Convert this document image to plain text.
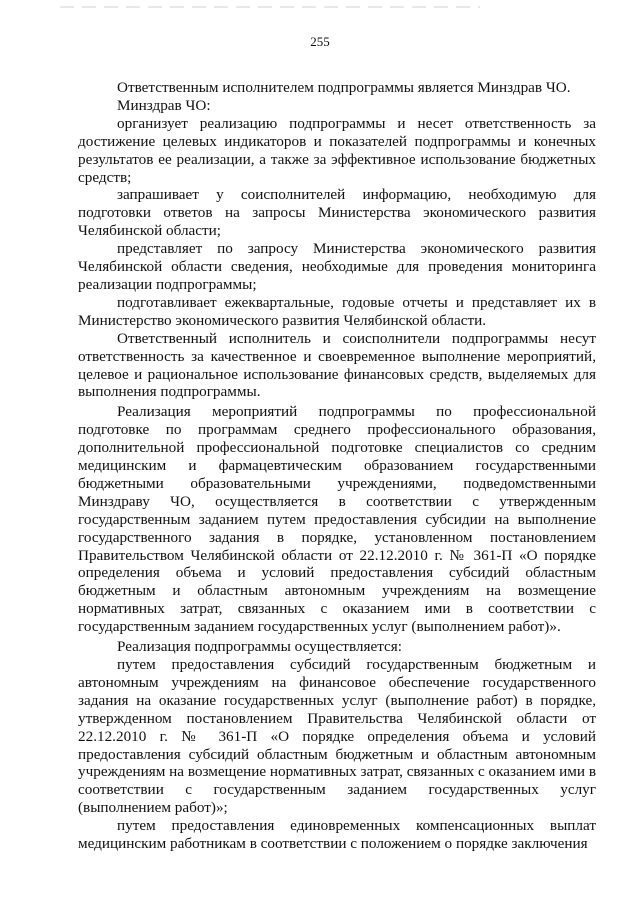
255

Ответственным исполнителем подпрограммы является Минздрав ЧО.

Минздрав ЧО:

организует реализацию подпрограммы и несет ответственность за достижение целевых индикаторов и показателей подпрограммы и конечных результатов ее реализации, а также за эффективное использование бюджетных средств;

запрашивает у соисполнителей информацию, необходимую для подготовки ответов на запросы Министерства экономического развития Челябинской области;

представляет по запросу Министерства экономического развития Челябинской области сведения, необходимые для проведения мониторинга реализации подпрограммы;

подготавливает ежеквартальные, годовые отчеты и представляет их в Министерство экономического развития Челябинской области.

Ответственный исполнитель и соисполнители подпрограммы несут ответственность за качественное и своевременное выполнение мероприятий, целевое и рациональное использование финансовых средств, выделяемых для выполнения подпрограммы.

Реализация мероприятий подпрограммы по профессиональной подготовке по программам среднего профессионального образования, дополнительной профессиональной подготовке специалистов со средним медицинским и фармацевтическим образованием государственными бюджетными образовательными учреждениями, подведомственными Минздраву ЧО, осуществляется в соответствии с утвержденным государственным заданием путем предоставления субсидии на выполнение государственного задания в порядке, установленном постановлением Правительством Челябинской области от 22.12.2010 г. № 361-П «О порядке определения объема и условий предоставления субсидий областным бюджетным и областным автономным учреждениям на возмещение нормативных затрат, связанных с оказанием ими в соответствии с государственным заданием государственных услуг (выполнением работ)».

Реализация подпрограммы осуществляется:

путем предоставления субсидий государственным бюджетным и автономным учреждениям на финансовое обеспечение государственного задания на оказание государственных услуг (выполнение работ) в порядке, утвержденном постановлением Правительства Челябинской области от 22.12.2010 г. № 361-П «О порядке определения объема и условий предоставления субсидий областным бюджетным и областным автономным учреждениям на возмещение нормативных затрат, связанных с оказанием ими в соответствии с государственным заданием государственных услуг (выполнением работ)»;

путем предоставления единовременных компенсационных выплат медицинским работникам в соответствии с положением о порядке заключения
